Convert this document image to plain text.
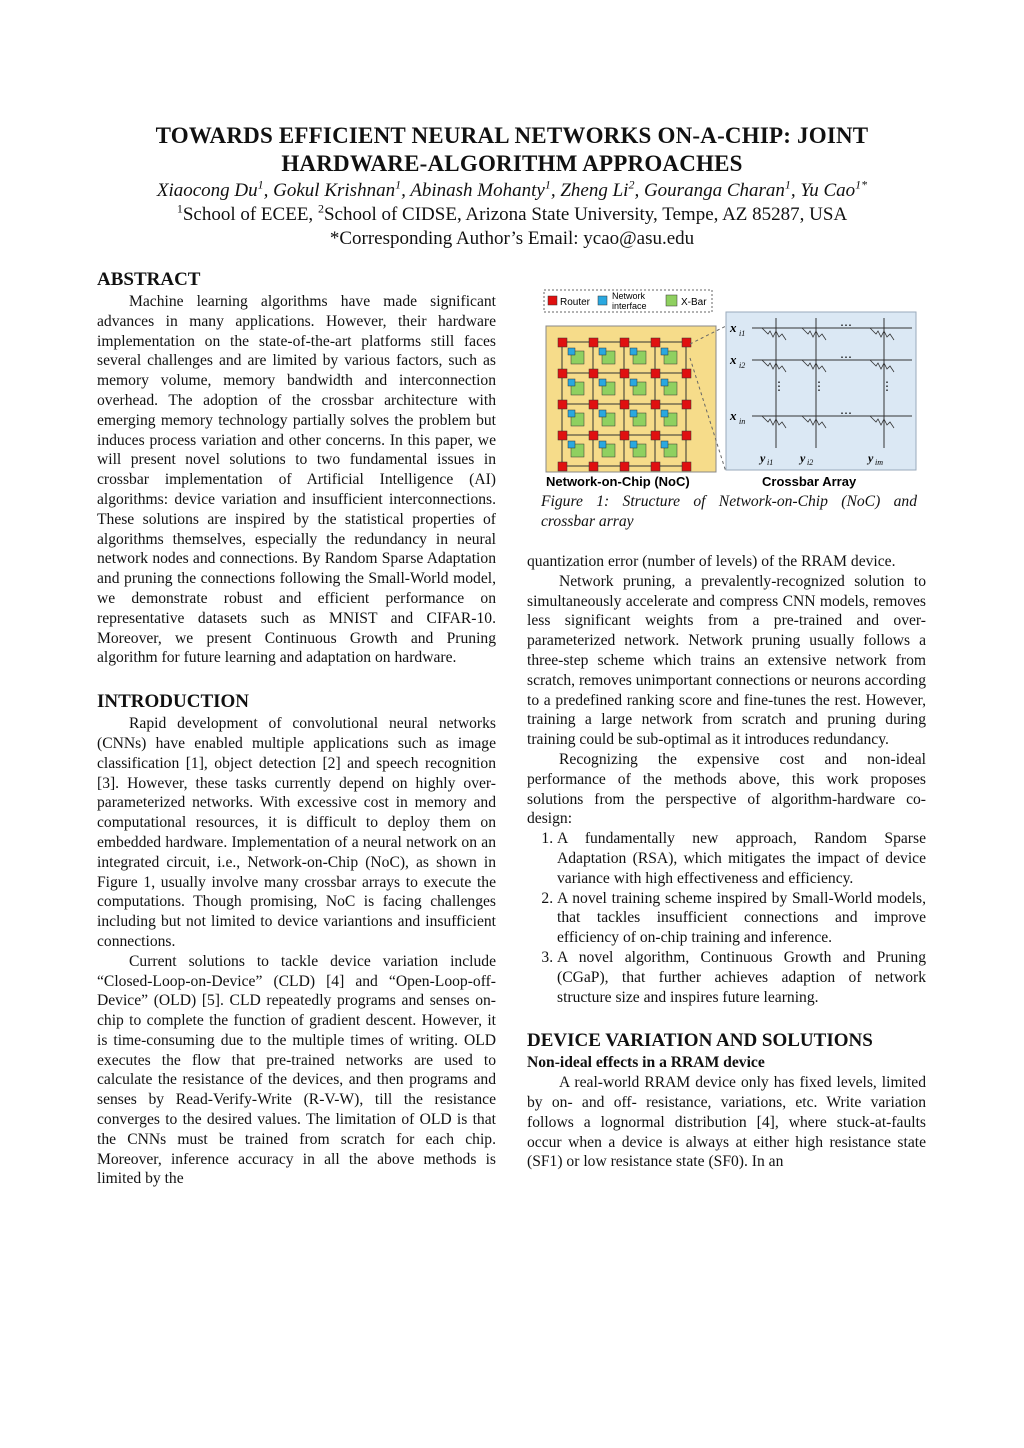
TOWARDS EFFICIENT NEURAL NETWORKS ON-A-CHIP: JOINT
HARDWARE-ALGORITHM APPROACHES
Xiaocong Du$^1$, Gokul Krishnan$^1$, Abinash Mohanty$^1$, Zheng Li$^2$, Gouranga Charan$^1$, Yu Cao$^{1*}$
$^1$School of ECEE, $^2$School of CIDSE, Arizona State University, Tempe, AZ 85287, USA
*Corresponding Author’s Email: ycao@asu.edu
ABSTRACT

Machine learning algorithms have made significant advances in many applications. However, their hardware implementation on the state-of-the-art platforms still faces several challenges and are limited by various factors, such as memory volume, memory bandwidth and interconnection overhead. The adoption of the crossbar architecture with emerging memory technology partially solves the problem but induces process variation and other concerns. In this paper, we will present novel solutions to two fundamental issues in crossbar implementation of Artificial Intelligence (AI) algorithms: device variation and insufficient interconnections. These solutions are inspired by the statistical properties of algorithms themselves, especially the redundancy in neural network nodes and connections. By Random Sparse Adaptation and pruning the connections following the Small-World model, we demonstrate robust and efficient performance on representative datasets such as MNIST and CIFAR-10. Moreover, we present Continuous Growth and Pruning algorithm for future learning and adaptation on hardware.

INTRODUCTION

Rapid development of convolutional neural networks (CNNs) have enabled multiple applications such as image classification [1], object detection [2] and speech recognition [3]. However, these tasks currently depend on highly over-parameterized networks. With excessive cost in memory and computational resources, it is difficult to deploy them on embedded hardware. Implementation of a neural network on an integrated circuit, i.e., Network-on-Chip (NoC), as shown in Figure 1, usually involve many crossbar arrays to execute the computations. Though promising, NoC is facing challenges including but not limited to device variantions and insufficient connections.

Current solutions to tackle device variation include “Closed-Loop-on-Device” (CLD) [4] and “Open-Loop-off-Device” (OLD) [5]. CLD repeatedly programs and senses on-chip to complete the function of gradient descent. However, it is time-consuming due to the multiple times of writing. OLD executes the flow that pre-trained networks are used to calculate the resistance of the devices, and then programs and senses by Read-Verify-Write (R-V-W), till the resistance converges to the desired values. The limitation of OLD is that the CNNs must be trained from scratch for each chip. Moreover, inference accuracy in all the above methods is limited by the

Router
Network
interface	X-Bar
x i1
x i2
x in
y i1 y i2	y im
…
…
…
⋮ ⋮	⋮
Network-on-Chip (NoC)	Crossbar Array
Figure 1: Structure of Network-on-Chip (NoC) and crossbar array

quantization error (number of levels) of the RRAM device.

Network pruning, a prevalently-recognized solution to simultaneously accelerate and compress CNN models, removes less significant weights from a pre-trained and over-parameterized network. Network pruning usually follows a three-step scheme which trains an extensive network from scratch, removes unimportant connections or neurons according to a predefined ranking score and fine-tunes the rest. However, training a large network from scratch and pruning during training could be sub-optimal as it introduces redundancy.

Recognizing the expensive cost and non-ideal performance of the methods above, this work proposes solutions from the perspective of algorithm-hardware co-design:

1. A fundamentally new approach, Random Sparse Adaptation (RSA), which mitigates the impact of device variance with high effectiveness and efficiency.
2. A novel training scheme inspired by Small-World models, that tackles insufficient connections and improve efficiency of on-chip training and inference.
3. A novel algorithm, Continuous Growth and Pruning (CGaP), that further achieves adaption of network structure size and inspires future learning.
DEVICE VARIATION AND SOLUTIONS
Non-ideal effects in a RRAM device

A real-world RRAM device only has fixed levels, limited by on- and off- resistance, variations, etc. Write variation follows a lognormal distribution [4], where stuck-at-faults occur when a device is always at either high resistance state (SF1) or low resistance state (SF0). In an
